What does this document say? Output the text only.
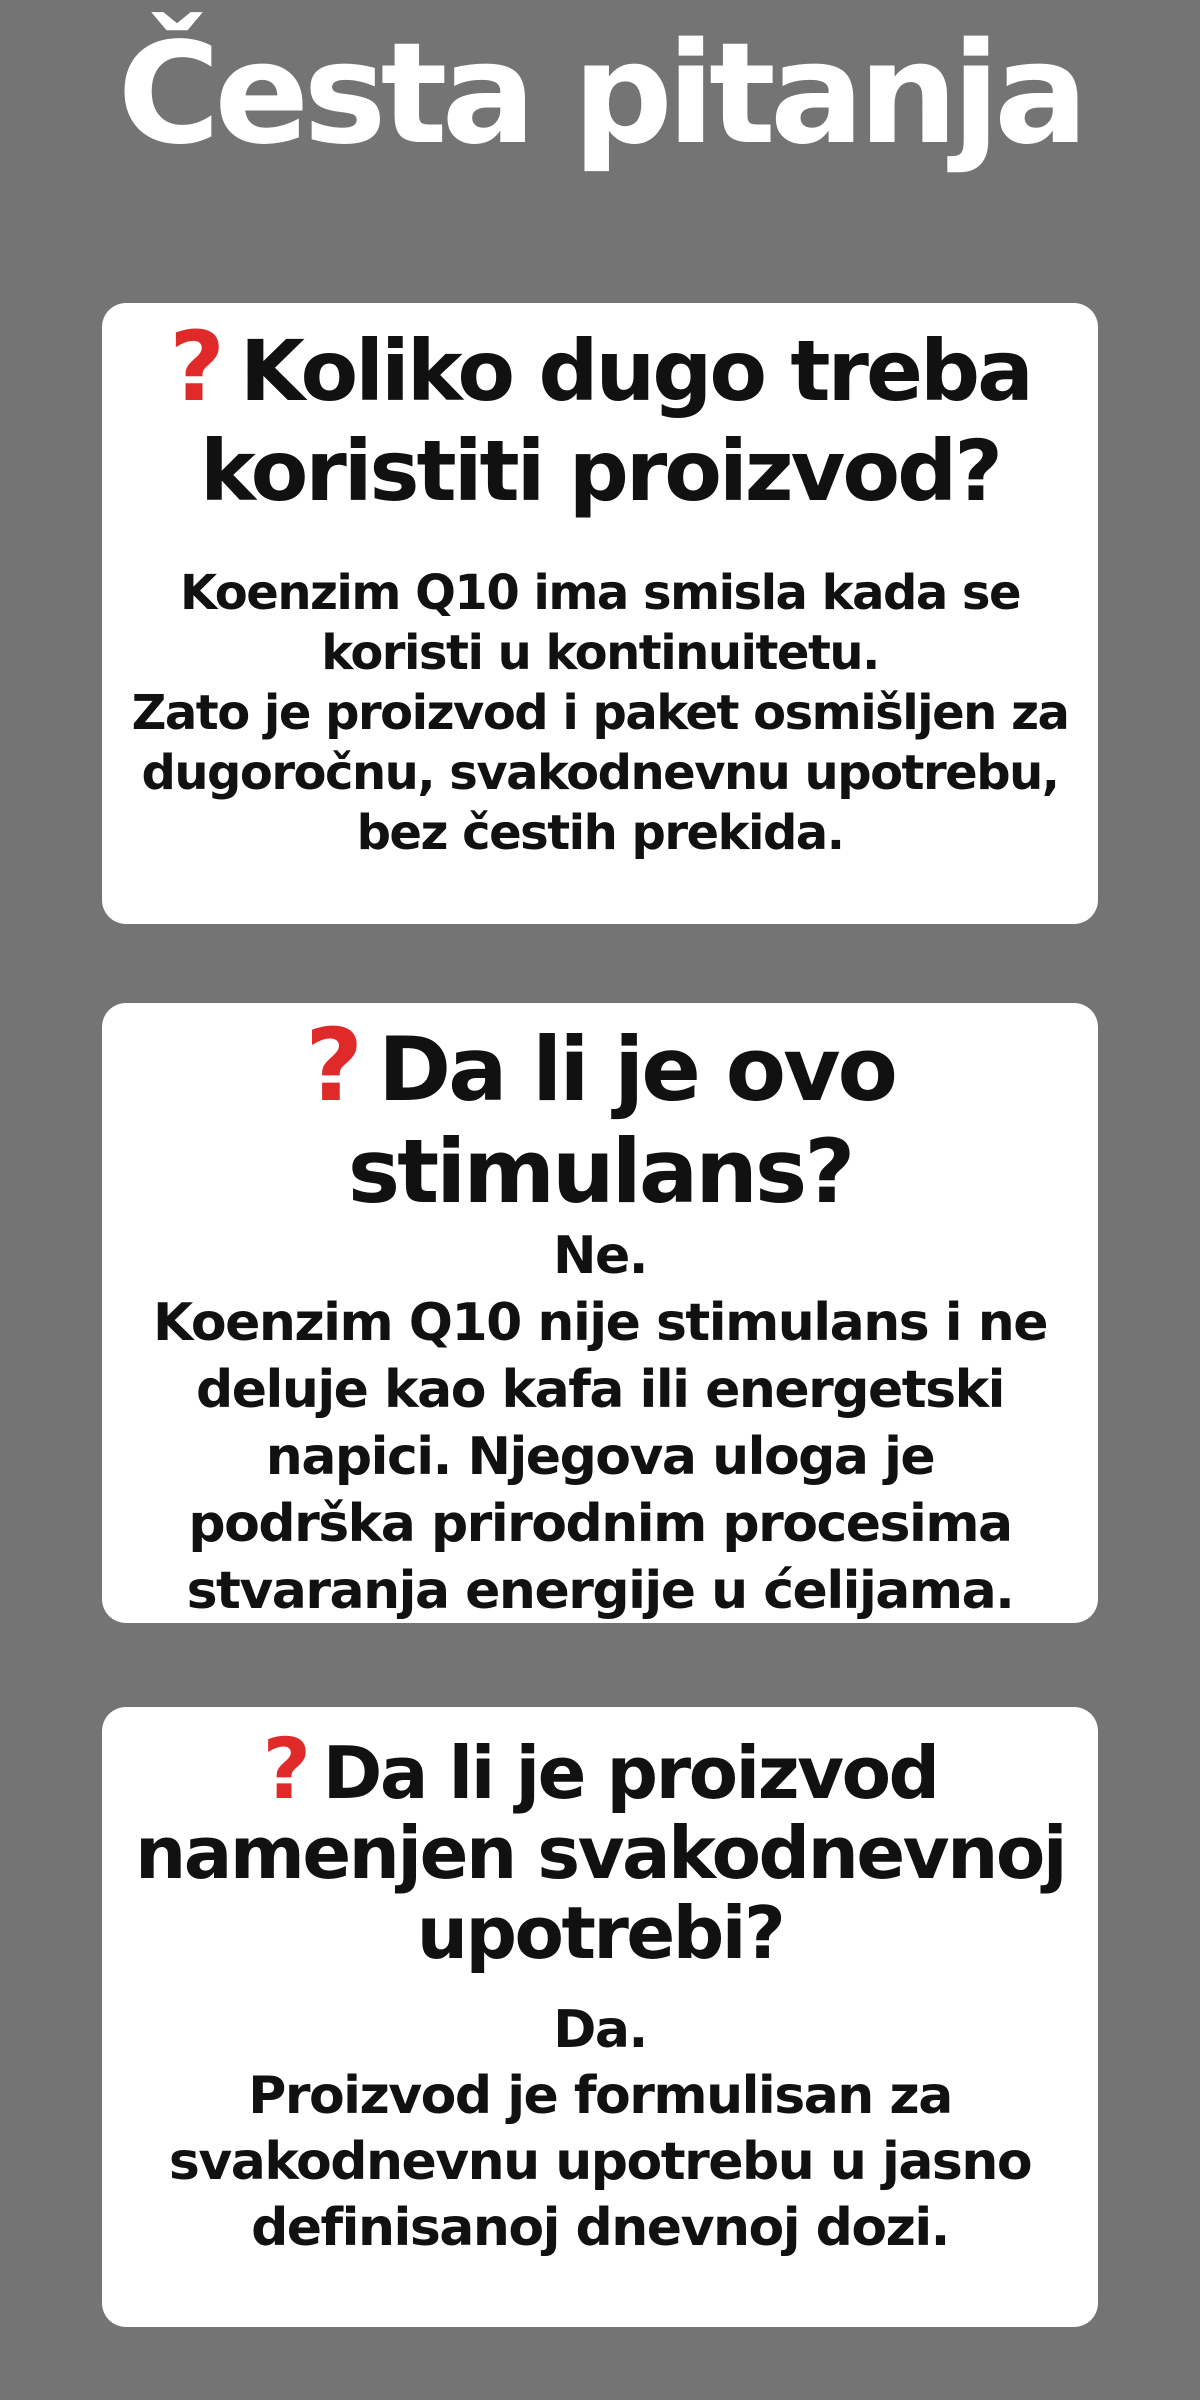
Česta pitanja
? Koliko dugo treba
koristiti proizvod?
Koenzim Q10 ima smisla kada se
koristi u kontinuitetu.
Zato je proizvod i paket osmišljen za
dugoročnu, svakodnevnu upotrebu,
bez čestih prekida.
? Da li je ovo
stimulans?
Ne.
Koenzim Q10 nije stimulans i ne
deluje kao kafa ili energetski
napici. Njegova uloga je
podrška prirodnim procesima
stvaranja energije u ćelijama.
? Da li je proizvod
namenjen svakodnevnoj
upotrebi?
Da.
Proizvod je formulisan za
svakodnevnu upotrebu u jasno
definisanoj dnevnoj dozi.
